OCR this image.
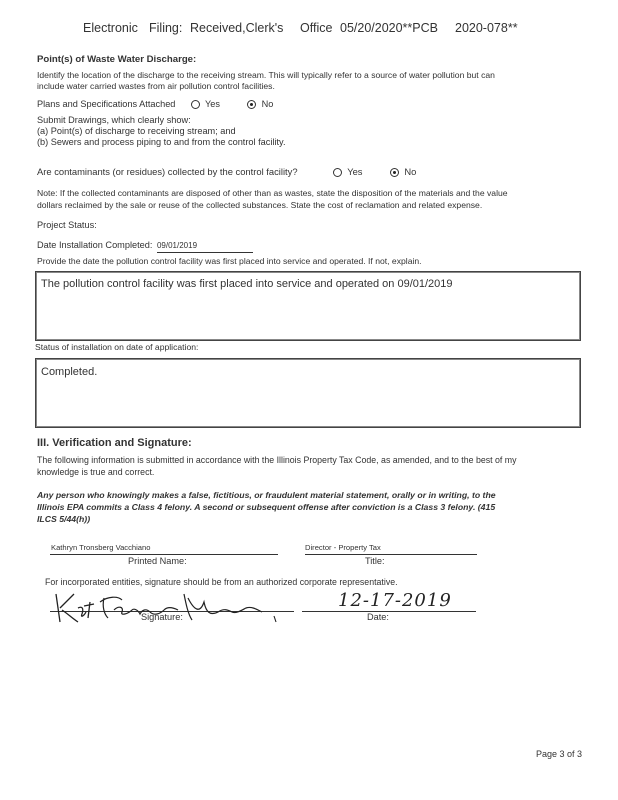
Electronic Filing: Received,Clerk's Office 05/20/2020**PCB 2020-078**
Point(s) of Waste Water Discharge:
Identify the location of the discharge to the receiving stream. This will typically refer to a source of water pollution but can
include water carried wastes from air pollution control facilities.
Plans and Specifications Attached	Yes	No
Submit Drawings, which clearly show:
(a) Point(s) of discharge to receiving stream; and
(b) Sewers and process piping to and from the control facility.
Are contaminants (or residues) collected by the control facility?	Yes	No
Note: If the collected contaminants are disposed of other than as wastes, state the disposition of the materials and the value
dollars reclaimed by the sale or reuse of the collected substances. State the cost of reclamation and related expense.
Project Status:
Date Installation Completed: 09/01/2019
Provide the date the pollution control facility was first placed into service and operated. If not, explain.
The pollution control facility was first placed into service and operated on 09/01/2019
Status of installation on date of application:
Completed.
III. Verification and Signature:
The following information is submitted in accordance with the Illinois Property Tax Code, as amended, and to the best of my
knowledge is true and correct.
Any person who knowingly makes a false, fictitious, or fraudulent material statement, orally or in writing, to the
Illinois EPA commits a Class 4 felony. A second or subsequent offense after conviction is a Class 3 felony. (415
ILCS 5/44(h))
Kathryn Tronsberg Vacchiano
Printed Name:
Director - Property Tax
Title:
For incorporated entities, signature should be from an authorized corporate representative.
Signature:
12-17-2019
Date:
Page 3 of 3
